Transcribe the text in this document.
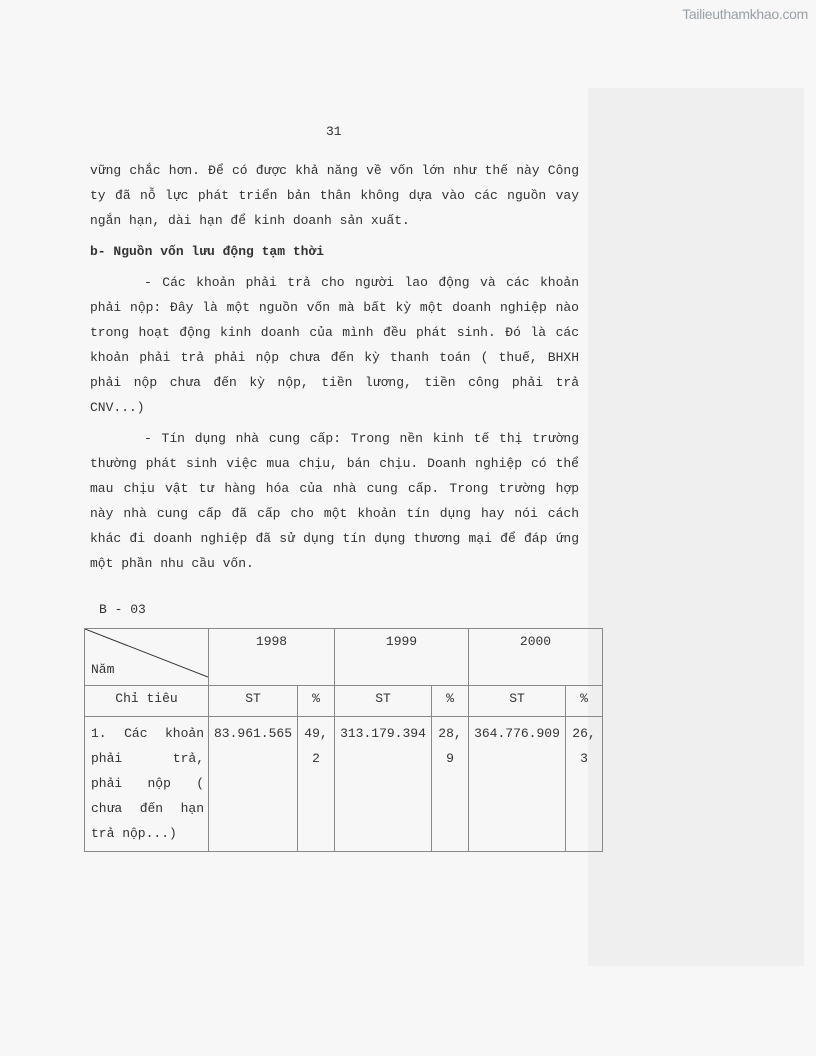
Tailieuthamkhao.com
31

vững chắc hơn. Để có được khả năng về vốn lớn như thế này Công ty đã nỗ lực phát triển bản thân không dựa vào các nguồn vay ngắn hạn, dài hạn để kinh doanh sản xuất.

b- Nguồn vốn lưu động tạm thời

- Các khoản phải trả cho người lao động và các khoản phải nộp: Đây là một nguồn vốn mà bất kỳ một doanh nghiệp nào trong hoạt động kinh doanh của mình đều phát sinh. Đó là các khoản phải trả phải nộp chưa đến kỳ thanh toán ( thuế, BHXH phải nộp chưa đến kỳ nộp, tiền lương, tiền công phải trả CNV...)

- Tín dụng nhà cung cấp: Trong nền kinh tế thị trường thường phát sinh việc mua chịu, bán chịu. Doanh nghiệp có thể mau chịu vật tư hàng hóa của nhà cung cấp. Trong trường hợp này nhà cung cấp đã cấp cho một khoản tín dụng hay nói cách khác đi doanh nghiệp đã sử dụng tín dụng thương mại để đáp ứng một phần nhu cầu vốn.

B - 03
Năm	1998		1999		2000	
Chỉ tiêu	ST	%	ST	%	ST	%

1. Các khoản
phải trả,
phải nộp (
chưa đến hạn
trả nộp...)	83.961.565	49,2	313.179.394	28,9	364.776.909	26,3
